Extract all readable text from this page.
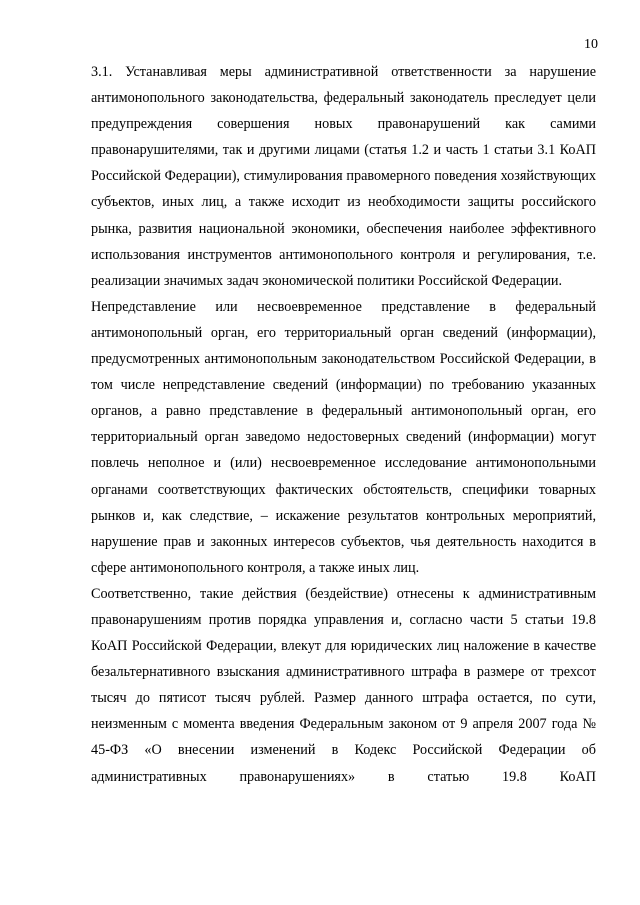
10

3.1. Устанавливая меры административной ответственности за нарушение антимонопольного законодательства, федеральный законодатель преследует цели предупреждения совершения новых правонарушений как самими правонарушителями, так и другими лицами (статья 1.2 и часть 1 статьи 3.1 КоАП Российской Федерации), стимулирования правомерного поведения хозяйствующих субъектов, иных лиц, а также исходит из необходимости защиты российского рынка, развития национальной экономики, обеспечения наиболее эффективного использования инструментов антимонопольного контроля и регулирования, т.е. реализации значимых задач экономической политики Российской Федерации.

Непредставление или несвоевременное представление в федеральный антимонопольный орган, его территориальный орган сведений (информации), предусмотренных антимонопольным законодательством Российской Федерации, в том числе непредставление сведений (информации) по требованию указанных органов, а равно представление в федеральный антимонопольный орган, его территориальный орган заведомо недостоверных сведений (информации) могут повлечь неполное и (или) несвоевременное исследование антимонопольными органами соответствующих фактических обстоятельств, специфики товарных рынков и, как следствие, – искажение результатов контрольных мероприятий, нарушение прав и законных интересов субъектов, чья деятельность находится в сфере антимонопольного контроля, а также иных лиц.

Соответственно, такие действия (бездействие) отнесены к административным правонарушениям против порядка управления и, согласно части 5 статьи 19.8 КоАП Российской Федерации, влекут для юридических лиц наложение в качестве безальтернативного взыскания административного штрафа в размере от трехсот тысяч до пятисот тысяч рублей. Размер данного штрафа остается, по сути, неизменным с момента введения Федеральным законом от 9 апреля 2007 года № 45-ФЗ «О внесении изменений в Кодекс Российской Федерации об административных правонарушениях» в статью 19.8 КоАП
